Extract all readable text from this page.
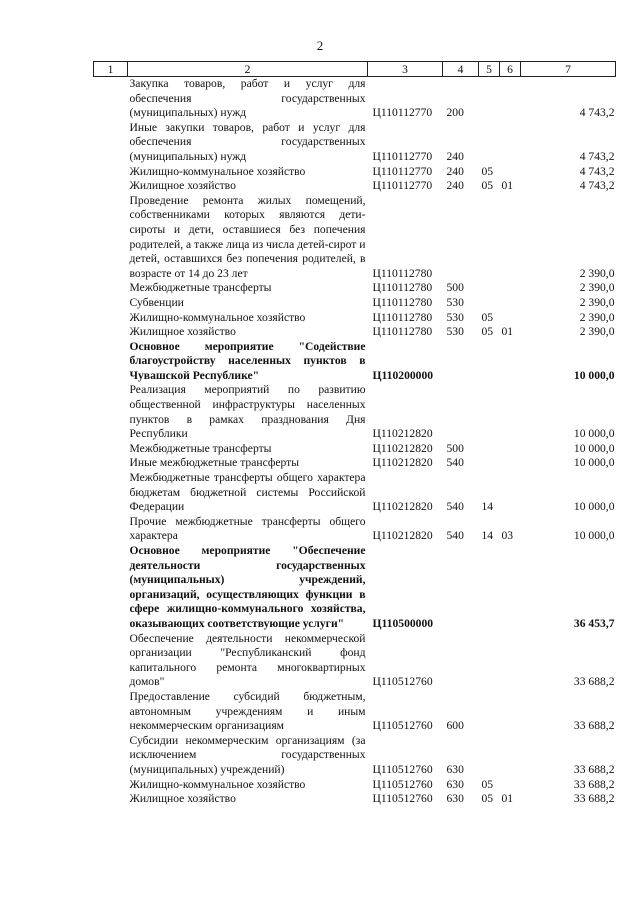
2
1	2	3	4	5	6	7
	Закупка товаров, работ и услуг для обеспечения государственных (муниципальных) нужд	Ц110112770	200			4 743,2
	Иные закупки товаров, работ и услуг для обеспечения государственных (муниципальных) нужд	Ц110112770	240			4 743,2
	Жилищно-коммунальное хозяйство	Ц110112770	240	05		4 743,2
	Жилищное хозяйство	Ц110112770	240	05	01	4 743,2
	Проведение ремонта жилых помещений, собственниками которых являются дети-сироты и дети, оставшиеся без попечения родителей, а также лица из числа детей-сирот и детей, оставшихся без попечения родителей, в возрасте от 14 до 23 лет	Ц110112780				2 390,0
	Межбюджетные трансферты	Ц110112780	500			2 390,0
	Субвенции	Ц110112780	530			2 390,0
	Жилищно-коммунальное хозяйство	Ц110112780	530	05		2 390,0
	Жилищное хозяйство	Ц110112780	530	05	01	2 390,0
	Основное мероприятие "Содействие благоустройству населенных пунктов в Чувашской Республике"	Ц110200000				10 000,0
	Реализация мероприятий по развитию общественной инфраструктуры населенных пунктов в рамках празднования Дня Республики	Ц110212820				10 000,0
	Межбюджетные трансферты	Ц110212820	500			10 000,0
	Иные межбюджетные трансферты	Ц110212820	540			10 000,0
	Межбюджетные трансферты общего характера бюджетам бюджетной системы Российской Федерации	Ц110212820	540	14		10 000,0
	Прочие межбюджетные трансферты общего характера	Ц110212820	540	14	03	10 000,0
	Основное мероприятие "Обеспечение деятельности государственных (муниципальных) учреждений, организаций, осуществляющих функции в сфере жилищно-коммунального хозяйства, оказывающих соответствующие услуги"	Ц110500000				36 453,7
	Обеспечение деятельности некоммерческой организации "Республиканский фонд капитального ремонта многоквартирных домов"	Ц110512760				33 688,2
	Предоставление субсидий бюджетным, автономным учреждениям и иным некоммерческим организациям	Ц110512760	600			33 688,2
	Субсидии некоммерческим организациям (за исключением государственных (муниципальных) учреждений)	Ц110512760	630			33 688,2
	Жилищно-коммунальное хозяйство	Ц110512760	630	05		33 688,2
	Жилищное хозяйство	Ц110512760	630	05	01	33 688,2
